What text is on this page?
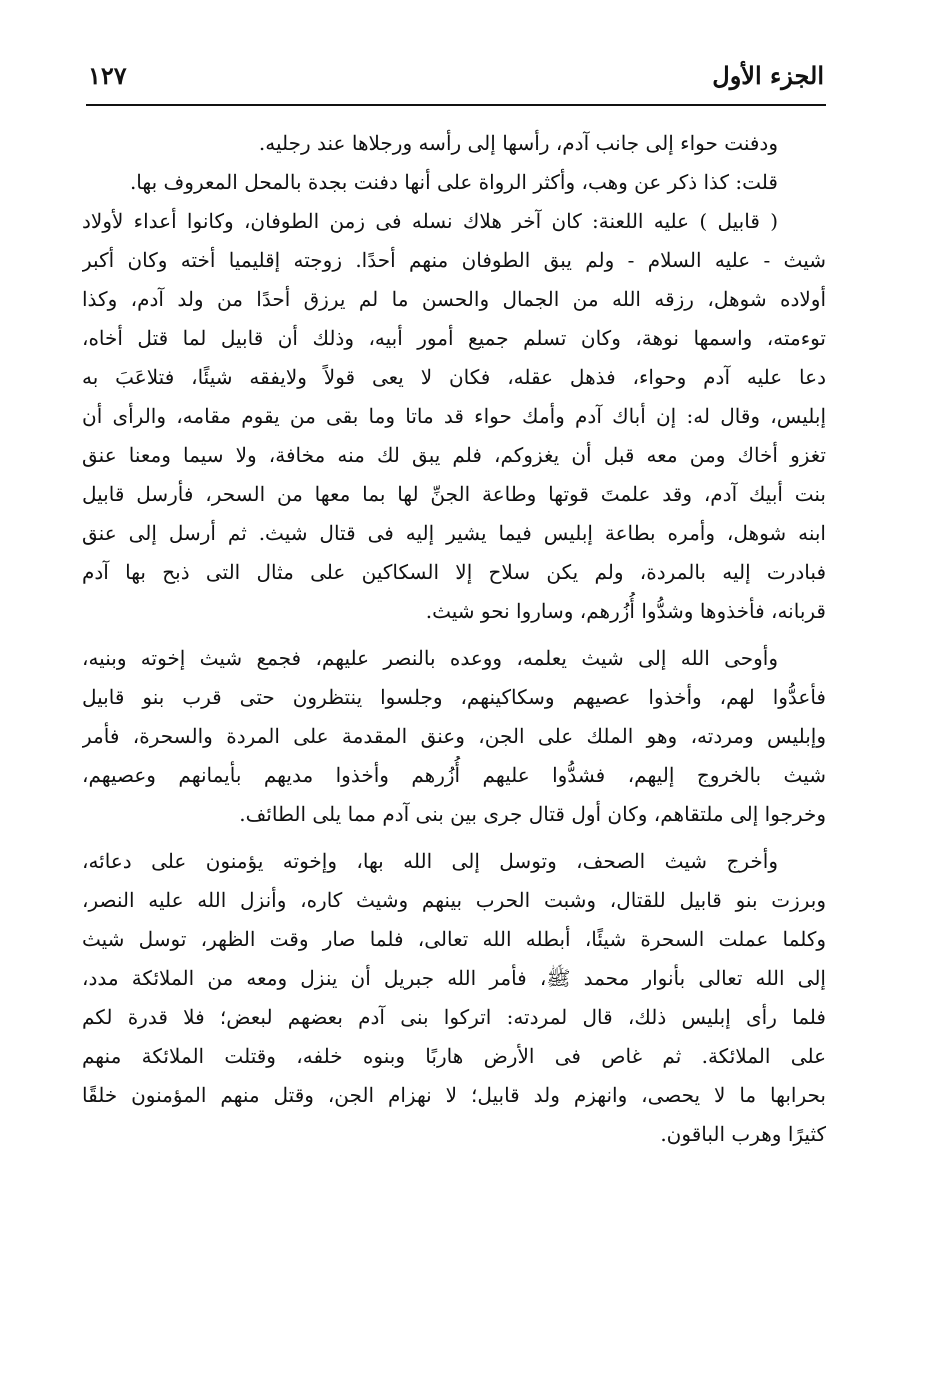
الجزء الأول
١٢٧
ودفنت حواء إلى جانب آدم، رأسها إلى رأسه ورجلاها عند رجليه.
قلت: كذا ذكر عن وهب، وأكثر الرواة على أنها دفنت بجدة بالمحل المعروف بها.
( قابيل ) عليه اللعنة: كان آخر هلاك نسله فى زمن الطوفان، وكانوا أعداء لأولاد
شيث - عليه السلام - ولم يبق الطوفان منهم أحدًا. زوجته إقليميا أخته وكان أكبر
أولاده شوهل، رزقه الله من الجمال والحسن ما لم يرزق أحدًا من ولد آدم، وكذا
توءمته، واسمها نوهة، وكان تسلم جميع أمور أبيه، وذلك أن قابيل لما قتل أخاه،
دعا عليه آدم وحواء، فذهل عقله، فكان لا يعى قولاً ولايفقه شيئًا، فتلاعَبَ به
إبليس، وقال له: إن أباك آدم وأمك حواء قد ماتا وما بقى من يقوم مقامه، والرأى أن
تغزو أخاك ومن معه قبل أن يغزوكم، فلم يبق لك منه مخافة، ولا سيما ومعنا عنق
بنت أبيك آدم، وقد علمتَ قوتها وطاعة الجنِّ لها بما معها من السحر، فأرسل قابيل
ابنه شوهل، وأمره بطاعة إبليس فيما يشير إليه فى قتال شيث. ثم أرسل إلى عنق
فبادرت إليه بالمردة، ولم يكن سلاح إلا السكاكين على مثال التى ذبح بها آدم
قربانه، فأخذوها وشدُّوا أُزُرهم، وساروا نحو شيث.
وأوحى الله إلى شيث يعلمه، ووعده بالنصر عليهم، فجمع شيث إخوته وبنيه،
فأعدُّوا لهم، وأخذوا عصيهم وسكاكينهم، وجلسوا ينتظرون حتى قرب بنو قابيل
وإبليس ومردته، وهو الملك على الجن، وعنق المقدمة على المردة والسحرة، فأمر
شيث بالخروج إليهم، فشدُّوا عليهم أُزُرهم وأخذوا مديهم بأيمانهم وعصيهم،
وخرجوا إلى ملتقاهم، وكان أول قتال جرى بين بنى آدم مما يلى الطائف.
وأخرج شيث الصحف، وتوسل إلى الله بها، وإخوته يؤمنون على دعائه،
وبرزت بنو قابيل للقتال، وشبت الحرب بينهم وشيث كاره، وأنزل الله عليه النصر،
وكلما عملت السحرة شيئًا، أبطله الله تعالى، فلما صار وقت الظهر، توسل شيث
إلى الله تعالى بأنوار محمد ﷺ، فأمر الله جبريل أن ينزل ومعه من الملائكة مدد،
فلما رأى إبليس ذلك، قال لمردته: اتركوا بنى آدم بعضهم لبعض؛ فلا قدرة لكم
على الملائكة. ثم غاص فى الأرض هاربًا وبنوه خلفه، وقتلت الملائكة منهم
بحرابها ما لا يحصى، وانهزم ولد قابيل؛ لا نهزام الجن، وقتل منهم المؤمنون خلقًا
كثيرًا وهرب الباقون.
